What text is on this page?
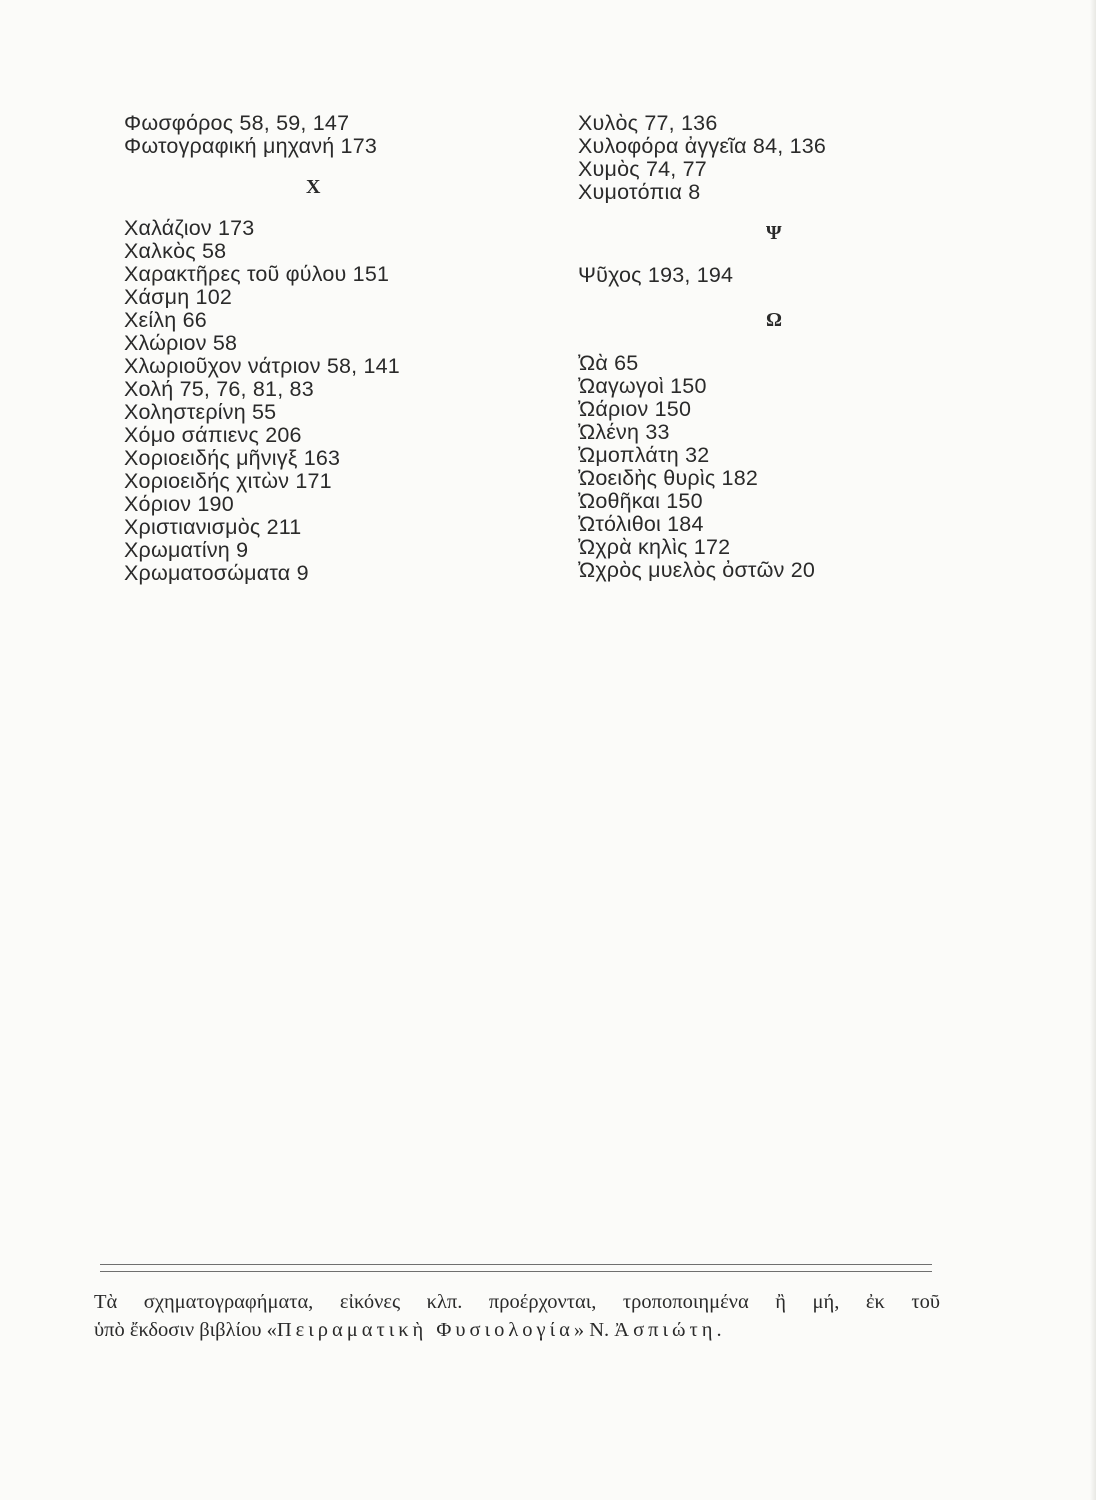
Φωσφόρος 58, 59, 147
Φωτογραφική μηχανή 173
Χ
Χαλάζιον 173
Χαλκὸς 58
Χαρακτῆρες τοῦ φύλου 151
Χάσμη 102
Χείλη 66
Χλώριον 58
Χλωριοῦχον νάτριον 58, 141
Χολή 75, 76, 81, 83
Χοληστερίνη 55
Χόμο σάπιενς 206
Χοριοειδής μῆνιγξ 163
Χοριοειδής χιτὼν 171
Χόριον 190
Χριστιανισμὸς 211
Χρωματίνη 9
Χρωματοσώματα 9
Χυλὸς 77, 136
Χυλοφόρα ἀγγεῖα 84, 136
Χυμὸς 74, 77
Χυμοτόπια 8
Ψ
Ψῦχος 193, 194
Ω
Ὠὰ 65
Ὠαγωγοὶ 150
Ὠάριον 150
Ὠλένη 33
Ὠμοπλάτη 32
Ὠοειδὴς θυρὶς 182
Ὠοθῆκαι 150
Ὠτόλιθοι 184
Ὠχρὰ κηλὶς 172
Ὠχρὸς μυελὸς ὀστῶν 20
Τὰ σχηματογραφήματα, εἰκόνες κλπ. προέρχονται, τροποποιημένα ἢ μή, ἐκ τοῦ
ὑπὸ ἔκδοσιν βιβλίου «Πειραματικὴ Φυσιολογία» Ν. Ἀσπιώτη.
